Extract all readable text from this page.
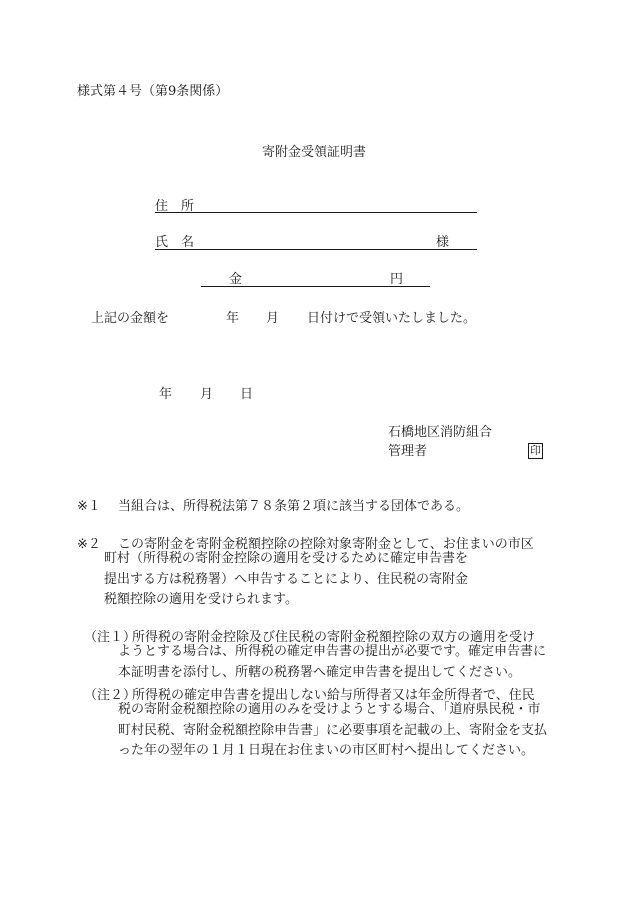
様式第４号（第9条関係）
寄附金受領証明書
住　所
氏　名	様
金	円
上記の金額を	年 月 日付けで受領いたしました。
年 月 日
石橋地区消防組合
管理者	印
※１ 当組合は、所得税法第７８条第２項に該当する団体である。
※２ この寄附金を寄附金税額控除の控除対象寄附金として、お住まいの市区
町村（所得税の寄附金控除の適用を受けるために確定申告書を提出する方は税務署）へ申告することにより、住民税の寄附金税額控除の適用を受けられます。
（注１）
所得税の寄附金控除及び住民税の寄附金税額控除の双方の適用を受け
ようとする場合は、所得税の確定申告書の提出が必要です。確定申告書に本証明書を添付し、所轄の税務署へ確定申告書を提出してください。
（注２）
所得税の確定申告書を提出しない給与所得者又は年金所得者で、住民
税の寄附金税額控除の適用のみを受けようとする場合、「道府県民税・市町村民税、寄附金税額控除申告書」に必要事項を記載の上、寄附金を支払った年の翌年の１月１日現在お住まいの市区町村へ提出してください。
